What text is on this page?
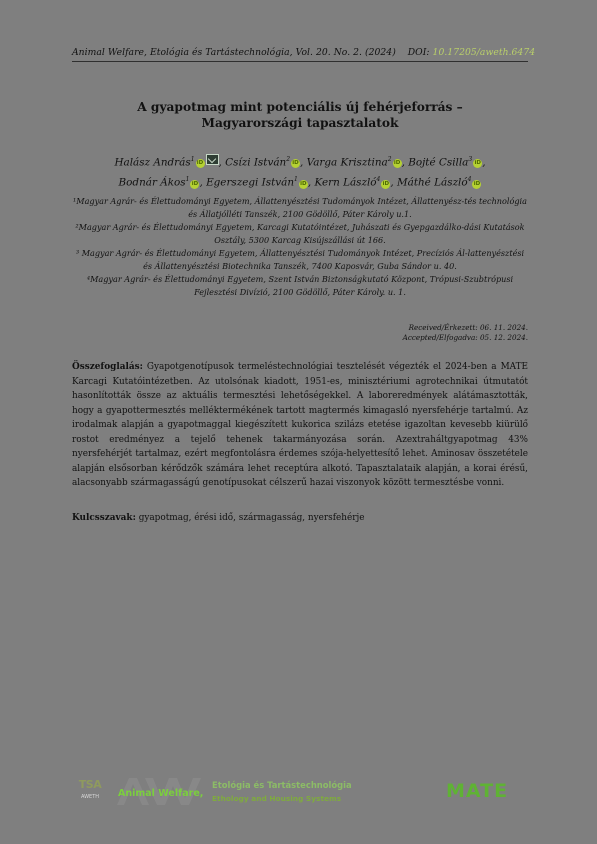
Animal Welfare, Etológia és Tartástechnológia, Vol. 20. No. 2. (2024) DOI: 10.17205/aweth.6474
A gyapotmag mint potenciális új fehérjeforrás –
Magyarországi tapasztalatok
Halász András$^1$iD , Csízi István$^2$iD, Varga Krisztina$^2$iD, Bojté Csilla$^3$iD,
Bodnár Ákos$^1$iD, Egerszegi István$^1$iD, Kern László$^4$iD, Máthé László$^4$iD

¹Magyar Agrár- és Élettudományi Egyetem, Állattenyésztési Tudományok Intézet, Állattenyész-tés technológia és Állatjólléti Tanszék, 2100 Gödöllő, Páter Károly u.1.

²Magyar Agrár- és Élettudományi Egyetem, Karcagi Kutatóintézet, Juhászati és Gyepgazdálko-dási Kutatások Osztály, 5300 Karcag Kisújszállási út 166.

³ Magyar Agrár- és Élettudományi Egyetem, Állattenyésztési Tudományok Intézet, Precíziós Ál-lattenyésztési és Állattenyésztési Biotechnika Tanszék, 7400 Kaposvár, Guba Sándor u. 40.

⁴Magyar Agrár- és Élettudományi Egyetem, Szent István Biztonságkutató Központ, Trópusi-Szubtrópusi Fejlesztési Divízió, 2100 Gödöllő, Páter Károly. u. 1.

Received/Érkezett: 06. 11. 2024.
Accepted/Elfogadva: 05. 12. 2024.

Összefoglalás: Gyapotgenotípusok termeléstechnológiai tesztelését végezték el 2024-ben a MATE Karcagi Kutatóintézetben. Az utolsónak kiadott, 1951-es, minisztériumi agrotechnikai útmutatót hasonlították össze az aktuális termesztési lehetőségekkel. A laboreredmények alátámasztották, hogy a gyapottermesztés melléktermékének tartott magtermés kimagasló nyersfehérje tartalmú. Az irodalmak alapján a gyapotmaggal kiegészített kukorica szilázs etetése igazoltan kevesebb kiürülő rostot eredményez a tejelő tehenek takarmányozása során. Azextraháltgyapotmag 43% nyersfehérjét tartalmaz, ezért megfontolásra érdemes szója-helyettesítő lehet. Aminosav összetétele alapján elsősorban kérődzők számára lehet receptúra alkotó. Tapasztalataik alapján, a korai érésű, alacsonyabb szármagasságú genotípusokat célszerű hazai viszonyok között termesztésbe vonni.

Kulcsszavak: gyapotmag, érési idő, szármagasság, nyersfehérje
TSA
AWETH	Animal Welfare,
Etológia és Tartástechnológia
Ethology and Housing Systems	MATE
